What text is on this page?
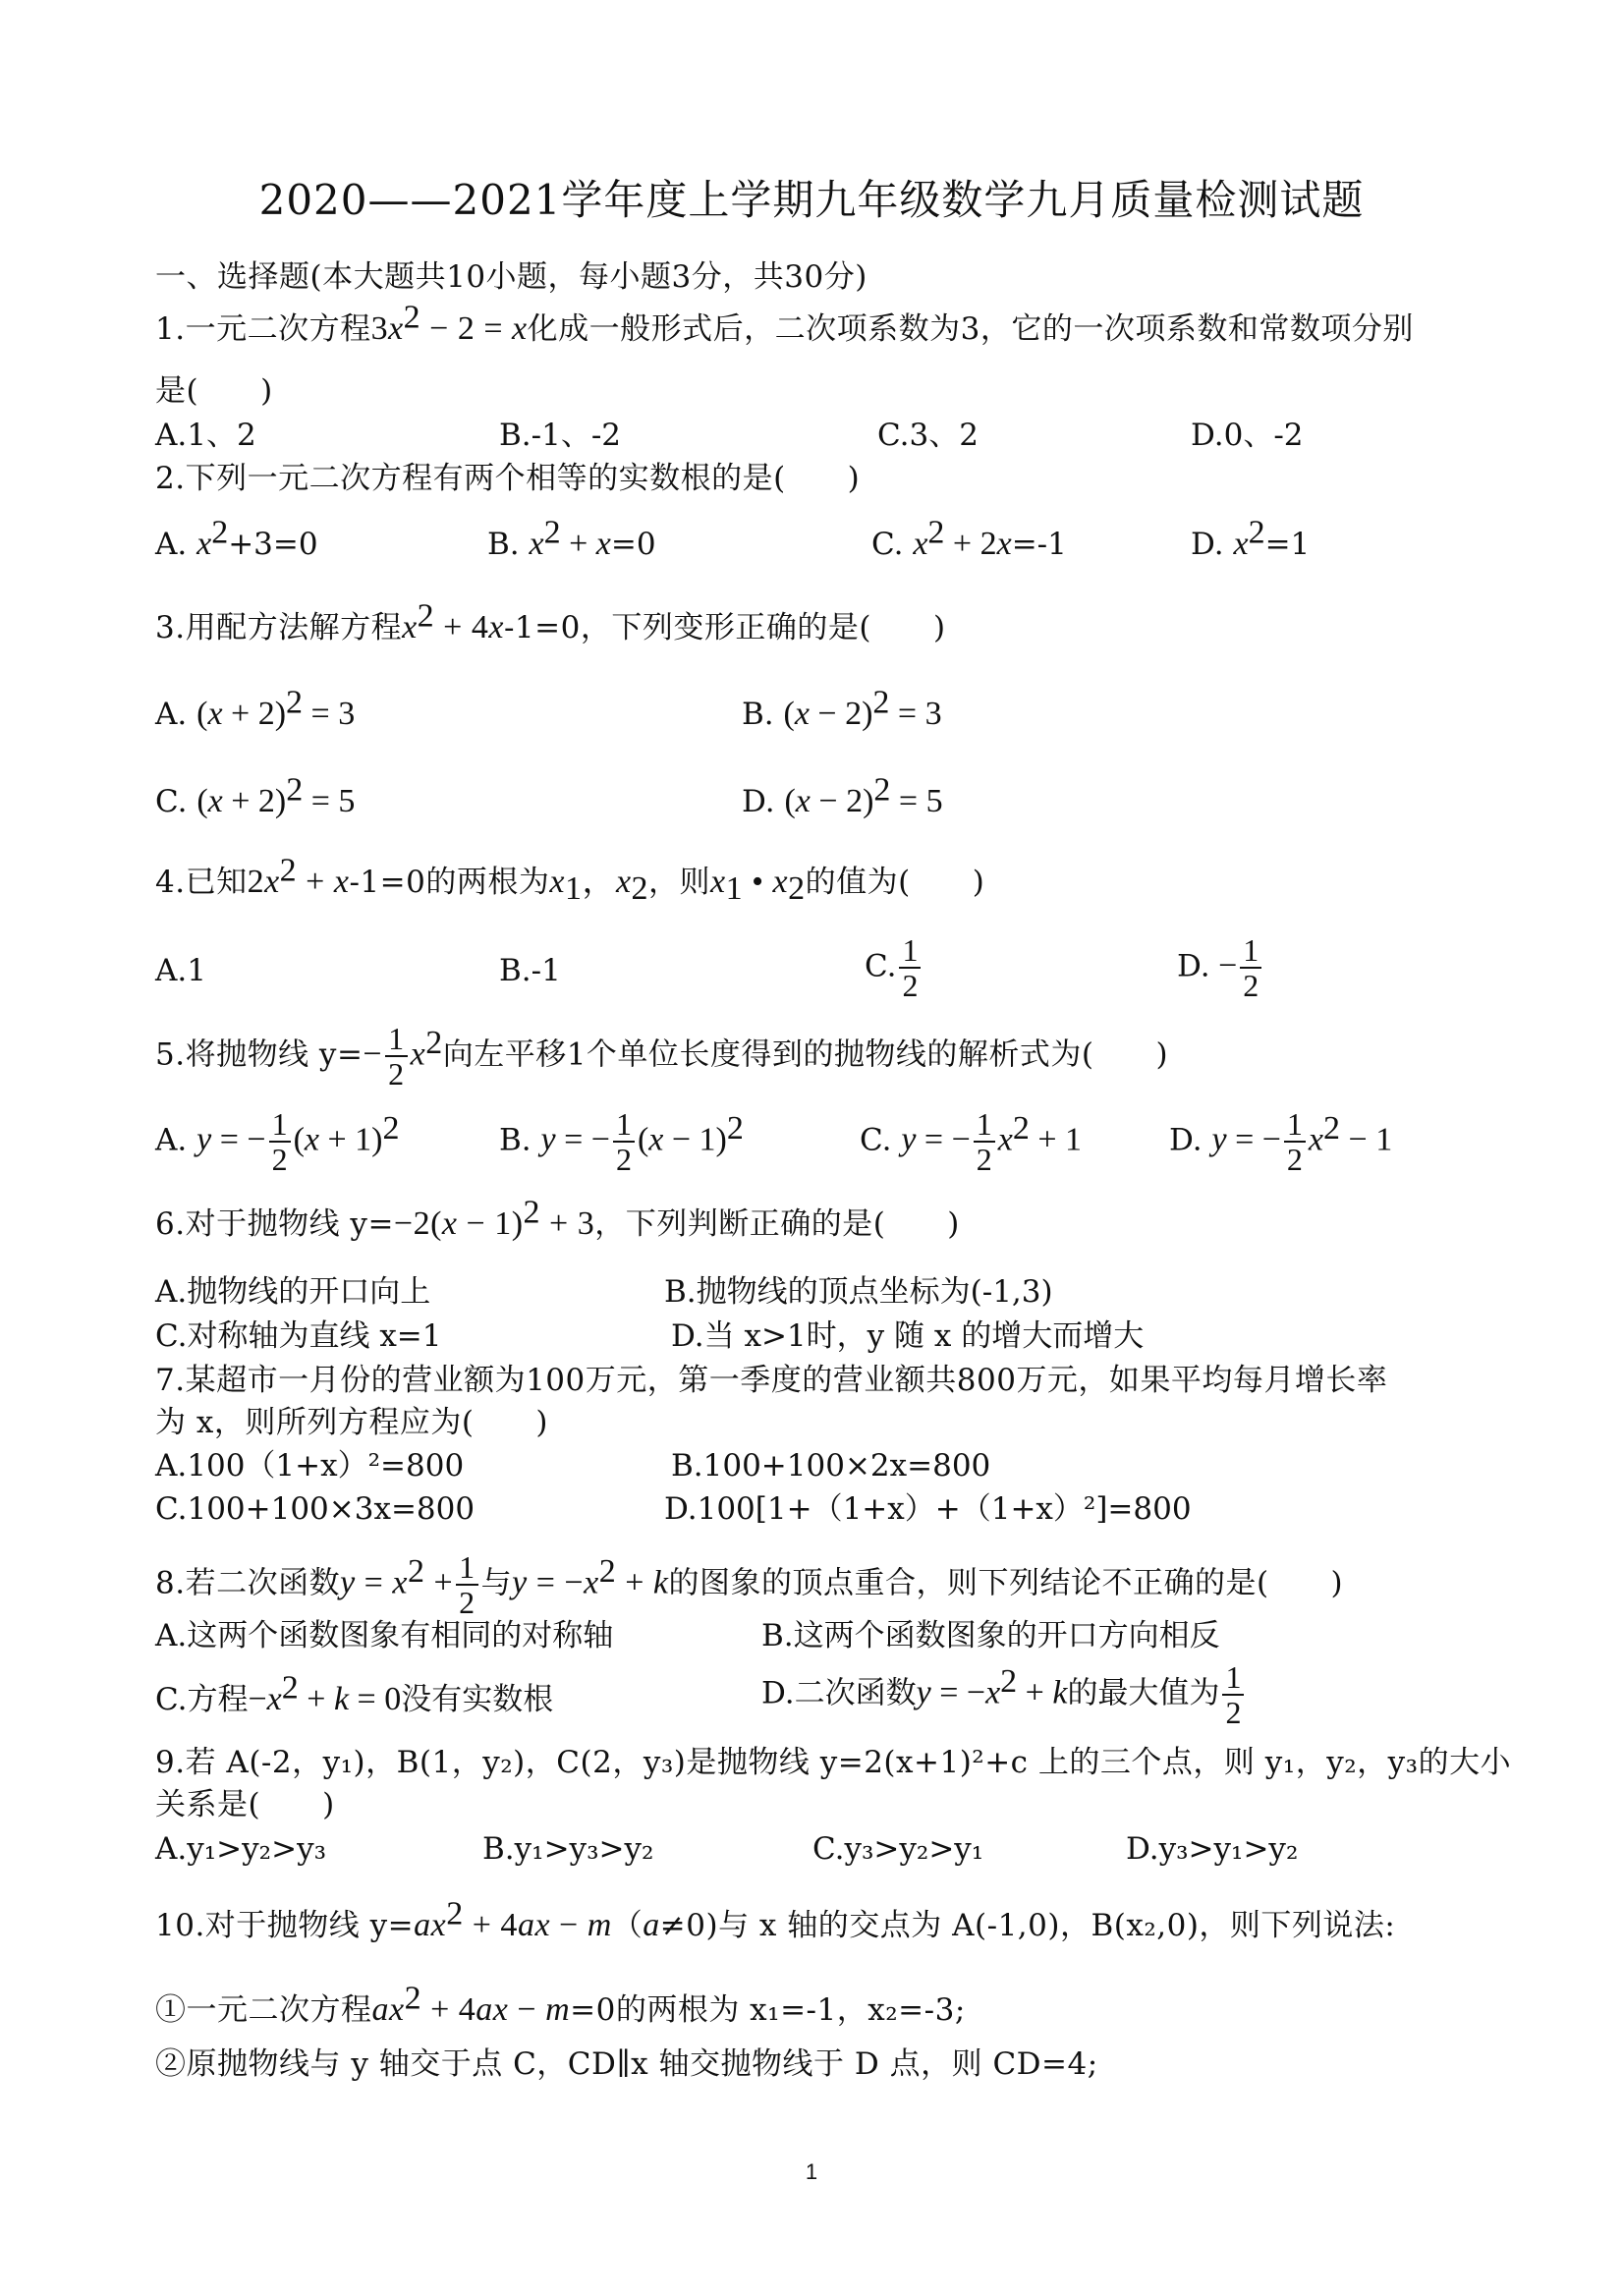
2020——2021学年度上学期九年级数学九月质量检测试题
一、选择题(本大题共10小题，每小题3分，共30分)
1.一元二次方程$3x^2 - 2 = x$化成一般形式后，二次项系数为3，它的一次项系数和常数项分别
是(　　)
A.1、2	B.-1、-2	C.3、2	D.0、-2
2.下列一元二次方程有两个相等的实数根的是(　　)
A. $x^2+3=0$	B. $x^2 + x=0$	C. $x^2 + 2x=-1$	D. $x^2=1$
3.用配方法解方程$x^2 + 4x-1=0$，下列变形正确的是(　　)
A. $(x + 2)^2 = 3$	B. $(x - 2)^2 = 3$
C. $(x + 2)^2 = 5$	D. $(x - 2)^2 = 5$
4.已知$2x^2 + x-1=0$的两根为$x_1$，$x_2$，则$x_1$ • $x_2$的值为(　　)
A.1	B.-1	C. $\frac{1}{2}$	D. − $\frac{1}{2}$
5.将抛物线 $y=- \frac{1}{2} x^2$向左平移1个单位长度得到的抛物线的解析式为(　　)
A. y = − $\frac{1}{2} (x + 1)^2$	B. y = − $\frac{1}{2} (x - 1)^2$	C. y = − $\frac{1}{2} x^2 + 1$	D. y = − $\frac{1}{2} x^2 - 1$
6.对于抛物线 $y=-2(x - 1)^2 + 3$，下列判断正确的是(　　)
A.抛物线的开口向上	B.抛物线的顶点坐标为(-1,3)
C.对称轴为直线 x=1	D.当 x>1时，y 随 x 的增大而增大
7.某超市一月份的营业额为100万元，第一季度的营业额共800万元，如果平均每月增长率
为 x，则所列方程应为(　　)
A.100（1+x）²=800	B.100+100×2x=800
C.100+100×3x=800	D.100[1+（1+x）+（1+x）²]=800
8.若二次函数$y = x^2 + \frac{1}{2}$ 与$y = -x^2 + k$的图象的顶点重合，则下列结论不正确的是(　　)
A.这两个函数图象有相同的对称轴	B.这两个函数图象的开口方向相反
C.方程$-x^2 + k = 0$没有实数根	D.二次函数$y = -x^2 + k$的最大值为 $\frac{1}{2}$
9.若 A(-2，y₁)，B(1，y₂)，C(2，y₃)是抛物线 y=2(x+1)²+c 上的三个点，则 y₁，y₂，y₃的大小
关系是(　　)
A.y₁>y₂>y₃	B.y₁>y₃>y₂	C.y₃>y₂>y₁	D.y₃>y₁>y₂
10.对于抛物线 $y=ax^2 + 4ax - m(a\ne 0)$与 x 轴的交点为 A(-1,0)，B(x₂,0)，则下列说法:
①一元二次方程$ax^2 + 4ax - m=0$的两根为 x₁=-1，x₂=-3;
②原抛物线与 y 轴交于点 C，CD∥x 轴交抛物线于 D 点，则 CD=4;
1
